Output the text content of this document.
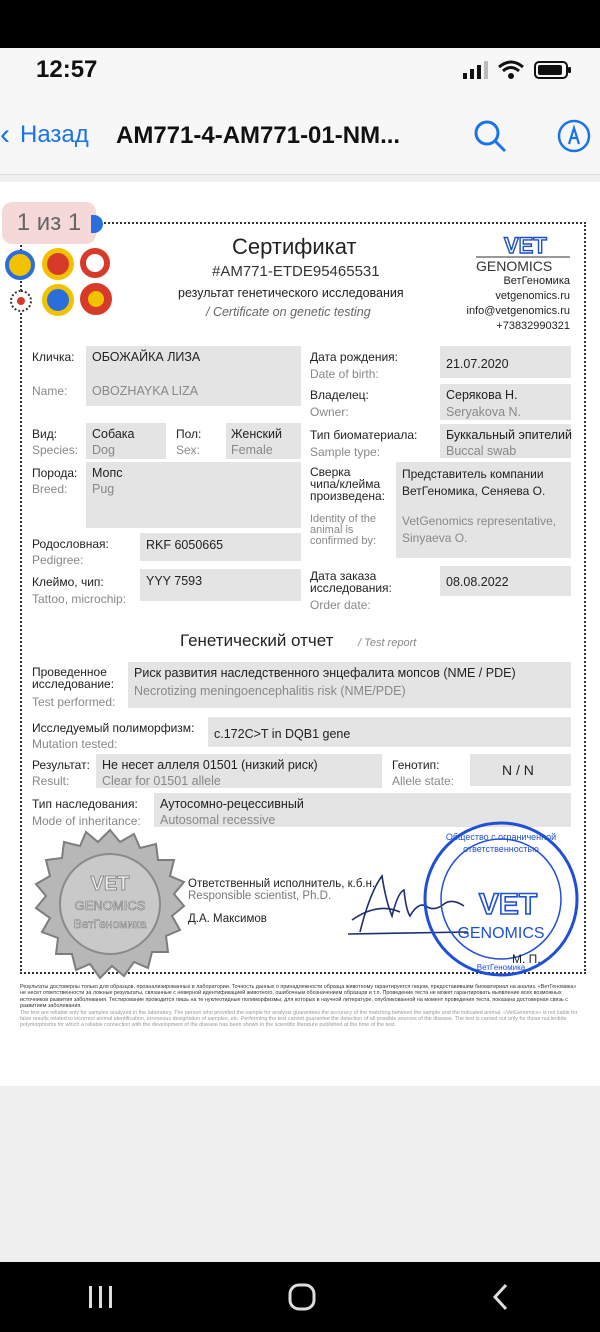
12:57
‹ Назад AM771-4-AM771-01-NM...
1 из 1
Сертификат
#AM771-ETDE95465531
результат генетического исследования
/ Certificate on genetic testing
VET
GENOMICS
ВетГеномика
vetgenomics.ru
info@vetgenomics.ru
+73832990321
Кличка:
Name:
ОБОЖАЙКА ЛИЗА
OBOZHAYKA LIZA
Дата рождения:
Date of birth:
21.07.2020
Владелец:
Owner:
Серякова Н.
Seryakova N.
Вид:
Species:
Собака
Dog
Пол:
Sex:
Женский
Female
Тип биоматериала:
Sample type:
Буккальный эпителий
Buccal swab
Порода:
Breed:
Мопс
Pug
Сверка
чипа/клейма
произведена:
Identity of the
animal is
confirmed by:
Представитель компании
ВетГеномика, Сеняева О.
VetGenomics representative,
Sinyaeva O.
Родословная:
Pedigree:
RKF 6050665
Клеймо, чип:
Tattoo, microchip:
YYY 7593	Дата заказа
исследования:
Order date:
08.08.2022
Генетический отчет / Test report
Проведенное
исследование:
Test performed:
Риск развития наследственного энцефалита мопсов (NME / PDE)
Necrotizing meningoencephalitis risk (NME/PDE)
Исследуемый полиморфизм:
Mutation tested:
c.172C>T in DQB1 gene
Результат:
Result:
Не несет аллеля 01501 (низкий риск)
Clear for 01501 allele
Генотип:
Allele state:
N / N
Тип наследования:
Mode of inheritance:
Аутосомно-рецессивный
Autosomal recessive
VET
GENOMICS
ВетГеномика
Ответственный исполнитель, к.б.н.
Responsible scientist, Ph.D.
Д.А. Максимов
Общество с ограниченной
ответственностью
VET
GENOMICS
ВетГеномика
М. П.
Результаты достоверны только для образцов, проанализированных в лаборатории. Точность данных о принадлежности образца животному гарантируется лицом, предоставившим биоматериал на анализ. «ВетГеномика» не несет ответственности за ложные результаты, связанные с неверной идентификацией животного, ошибочным обозначением образцов и т.п. Проведение теста не может гарантировать выявление всех возможных источников развития заболевания. Тестирование проводится лишь на те нуклеотидные полиморфизмы, для которых в научной литературе, опубликованной на момент проведения теста, показана достоверная связь с развитием заболевания.
The test are reliable only for samples analyzed in the laboratory. The person who provided the sample for analysis guarantees the accuracy of the matching between the sample and the indicated animal. «VetGenomics» is not liable for false results related to incorrect animal identification, erroneous designation of samples, etc. Performing the test cannot guarantee the detection of all possible sources of the disease. The test is carried out only for those nucleotide polymorphisms for which a reliable connection with the development of the disease has been shown in the scientific literature published at the time of the test.
